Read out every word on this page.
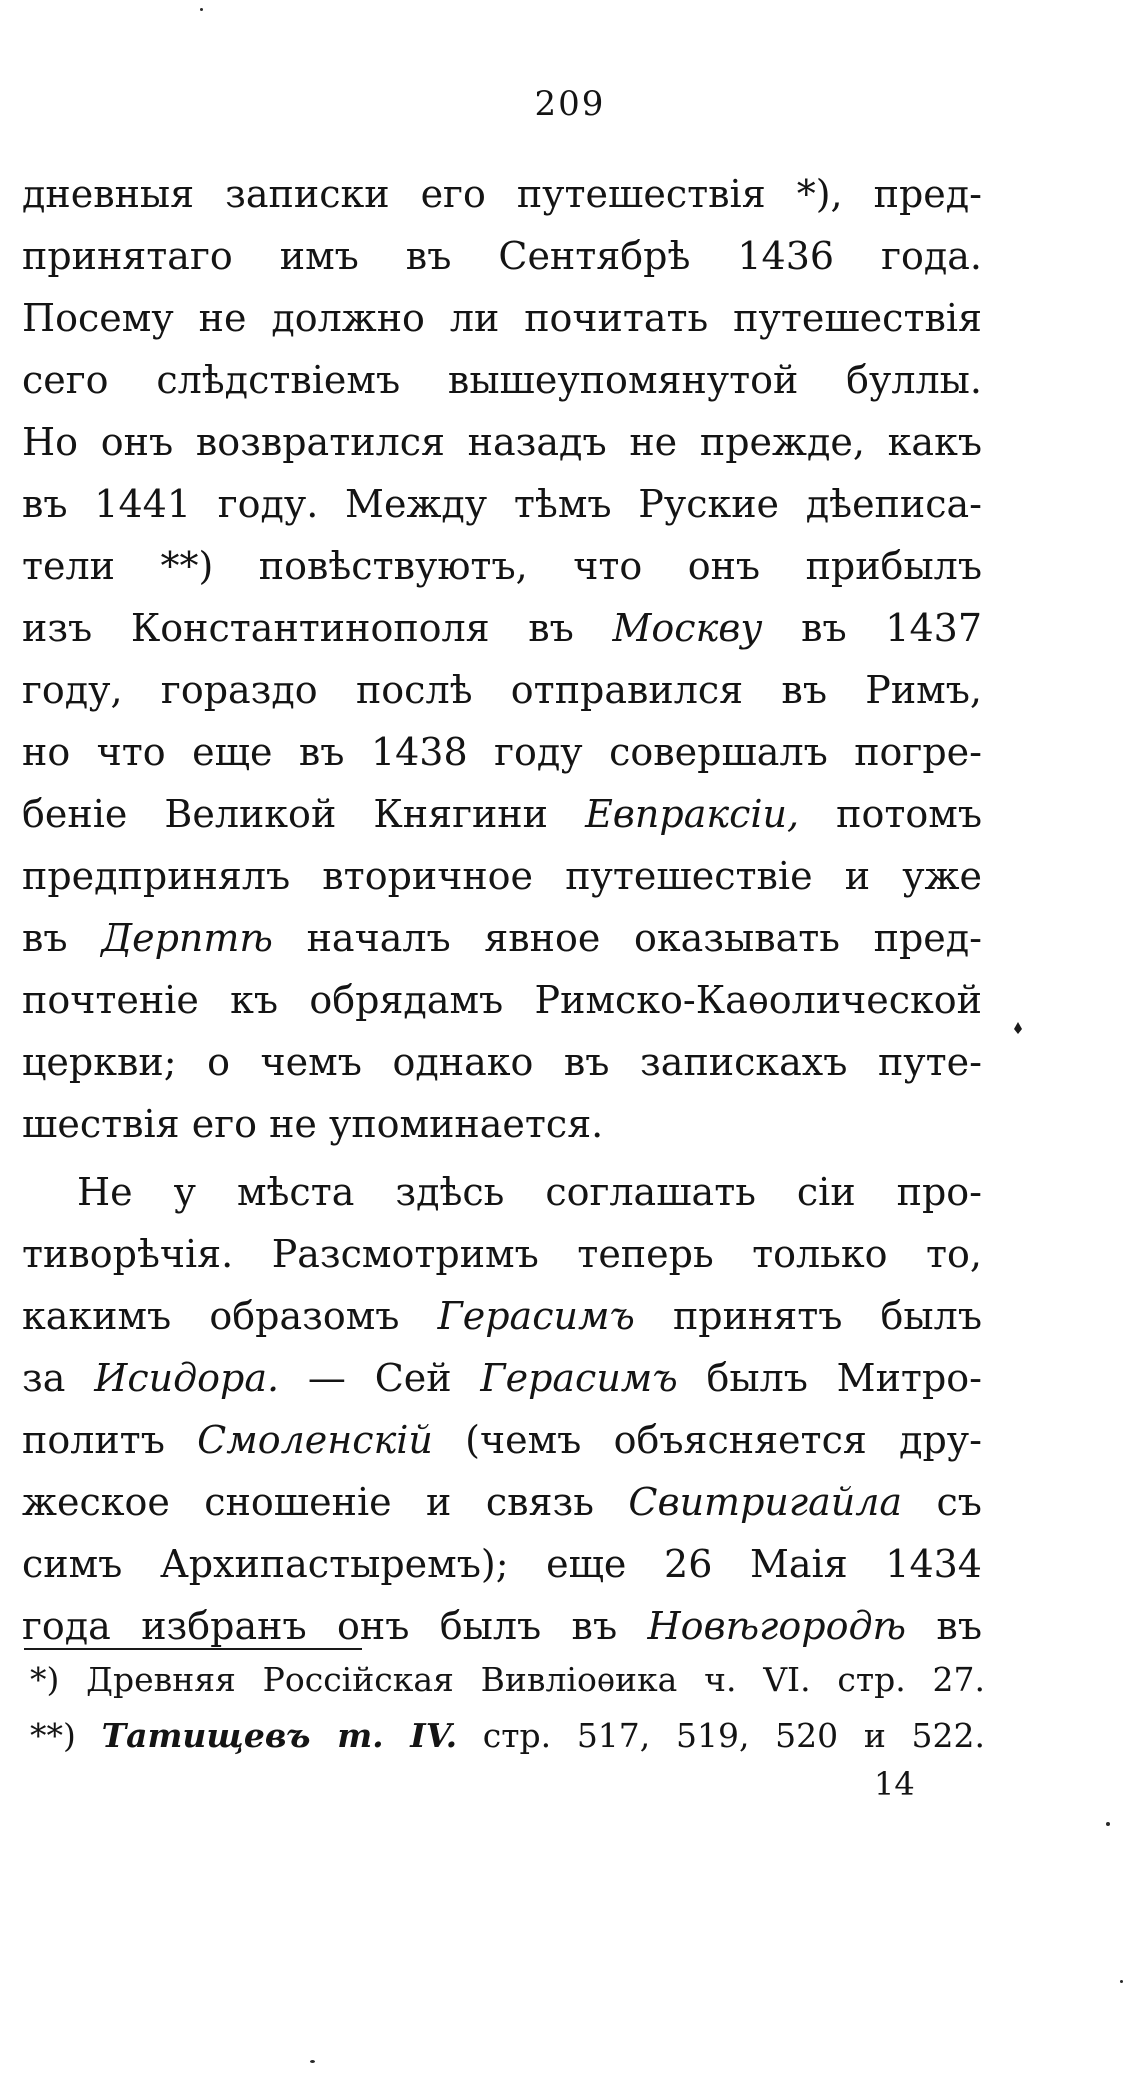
209
дневныя записки его путешествія *), пред-
принятаго имъ въ Сентябрѣ 1436 года.
Посему не должно ли почитать путешествія
сего слѣдствіемъ вышеупомянутой буллы.
Но онъ возвратился назадъ не прежде, какъ
въ 1441 году. Между тѣмъ Руские дѣеписа-
тели **) повѣствуютъ, что онъ прибылъ
изъ Константинополя въ Москву въ 1437
году, гораздо послѣ отправился въ Римъ,
но что еще въ 1438 году совершалъ погре-
беніе Великой Княгини Евпраксіи, потомъ
предпринялъ вторичное путешествіе и уже
въ Дерптѣ началъ явное оказывать пред-
почтеніе къ обрядамъ Римско-Каѳолической
церкви; о чемъ однако въ запискахъ путе-
шествія его не упоминается.
Не у мѣста здѣсь соглашать сіи про-
тиворѣчія. Разсмотримъ теперь только то,
какимъ образомъ Герасимъ принятъ былъ
за Исидора. — Сей Герасимъ былъ Митро-
политъ Смоленскій (чемъ объясняется дру-
жеское сношеніе и связь Свитригайла съ
симъ Архипастыремъ); еще 26 Маія 1434
года избранъ онъ былъ въ Новѣгородѣ въ
*) Древняя Россійская Вивліоѳика ч. VI. стр. 27.
**) Татищевъ т. IV. стр. 517, 519, 520 и 522.
14
